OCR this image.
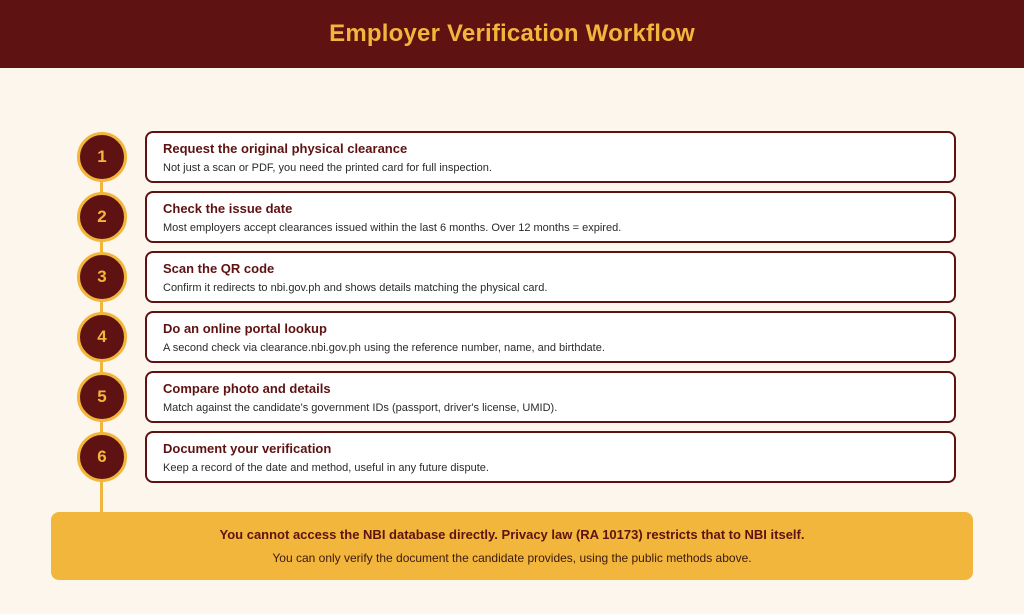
Employer Verification Workflow
1	Request the original physical clearance
Not just a scan or PDF, you need the printed card for full inspection.
2	Check the issue date
Most employers accept clearances issued within the last 6 months. Over 12 months = expired.
3	Scan the QR code
Confirm it redirects to nbi.gov.ph and shows details matching the physical card.
4	Do an online portal lookup
A second check via clearance.nbi.gov.ph using the reference number, name, and birthdate.
5	Compare photo and details
Match against the candidate's government IDs (passport, driver's license, UMID).
6	Document your verification
Keep a record of the date and method, useful in any future dispute.
You cannot access the NBI database directly. Privacy law (RA 10173) restricts that to NBI itself.
You can only verify the document the candidate provides, using the public methods above.
